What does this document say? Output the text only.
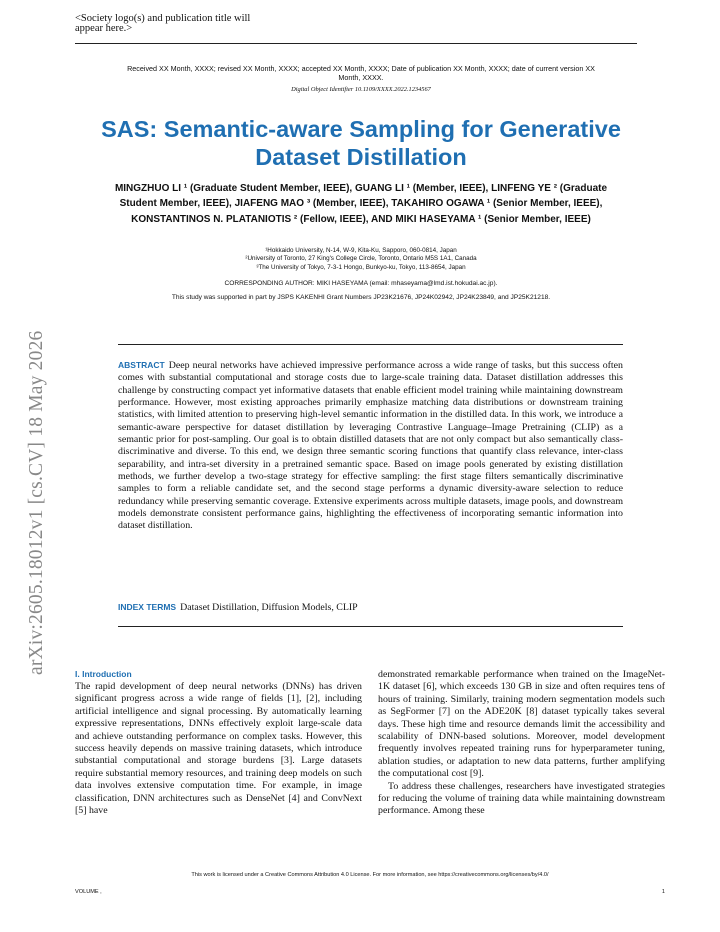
<Society logo(s) and publication title will appear here.>
Received XX Month, XXXX; revised XX Month, XXXX; accepted XX Month, XXXX; Date of publication XX Month, XXXX; date of current version XX Month, XXXX.
Digital Object Identifier 10.1109/XXXX.2022.1234567
SAS: Semantic-aware Sampling for Generative Dataset Distillation
MINGZHUO LI ¹ (Graduate Student Member, IEEE), GUANG LI ¹ (Member, IEEE), LINFENG YE ² (Graduate Student Member, IEEE), JIAFENG MAO ³ (Member, IEEE), TAKAHIRO OGAWA ¹ (Senior Member, IEEE), KONSTANTINOS N. PLATANIOTIS ² (Fellow, IEEE), AND MIKI HASEYAMA ¹ (Senior Member, IEEE)
¹Hokkaido University, N-14, W-9, Kita-Ku, Sapporo, 060-0814, Japan
²University of Toronto, 27 King's College Circle, Toronto, Ontario M5S 1A1, Canada
³The University of Tokyo, 7-3-1 Hongo, Bunkyo-ku, Tokyo, 113-8654, Japan
CORRESPONDING AUTHOR: MIKI HASEYAMA (email: mhaseyama@lmd.ist.hokudai.ac.jp).
This study was supported in part by JSPS KAKENHI Grant Numbers JP23K21676, JP24K02942, JP24K23849, and JP25K21218.
arXiv:2605.18012v1 [cs.CV] 18 May 2026	ABSTRACT Deep neural networks have achieved impressive performance across a wide range of tasks, but this success often comes with substantial computational and storage costs due to large-scale training data. Dataset distillation addresses this challenge by constructing compact yet informative datasets that enable efficient model training while maintaining downstream performance. However, most existing approaches primarily emphasize matching data distributions or downstream training statistics, with limited attention to preserving high-level semantic information in the distilled data. In this work, we introduce a semantic-aware perspective for dataset distillation by leveraging Contrastive Language–Image Pretraining (CLIP) as a semantic prior for post-sampling. Our goal is to obtain distilled datasets that are not only compact but also semantically class-discriminative and diverse. To this end, we design three semantic scoring functions that quantify class relevance, inter-class separability, and intra-set diversity in a pretrained semantic space. Based on image pools generated by existing distillation methods, we further develop a two-stage strategy for effective sampling: the first stage filters semantically discriminative samples to form a reliable candidate set, and the second stage performs a dynamic diversity-aware selection to reduce redundancy while preserving semantic coverage. Extensive experiments across multiple datasets, image pools, and downstream models demonstrate consistent performance gains, highlighting the effectiveness of incorporating semantic information into dataset distillation.
INDEX TERMS Dataset Distillation, Diffusion Models, CLIP
I. Introduction

The rapid development of deep neural networks (DNNs) has driven significant progress across a wide range of fields [1], [2], including artificial intelligence and signal processing. By automatically learning expressive representations, DNNs effectively exploit large-scale data and achieve outstanding performance on complex tasks. However, this success heavily depends on massive training datasets, which introduce substantial computational and storage burdens [3]. Large datasets require substantial memory resources, and training deep models on such data involves extensive computation time. For example, in image classification, DNN architectures such as DenseNet [4] and ConvNext [5] have

demonstrated remarkable performance when trained on the ImageNet-1K dataset [6], which exceeds 130 GB in size and often requires tens of hours of training. Similarly, training modern segmentation models such as SegFormer [7] on the ADE20K [8] dataset typically takes several days. These high time and resource demands limit the accessibility and scalability of DNN-based solutions. Moreover, model development frequently involves repeated training runs for hyperparameter tuning, ablation studies, or adaptation to new data patterns, further amplifying the computational cost [9].

To address these challenges, researchers have investigated strategies for reducing the volume of training data while maintaining downstream performance. Among these

This work is licensed under a Creative Commons Attribution 4.0 License. For more information, see https://creativecommons.org/licenses/by/4.0/
VOLUME ,	1
